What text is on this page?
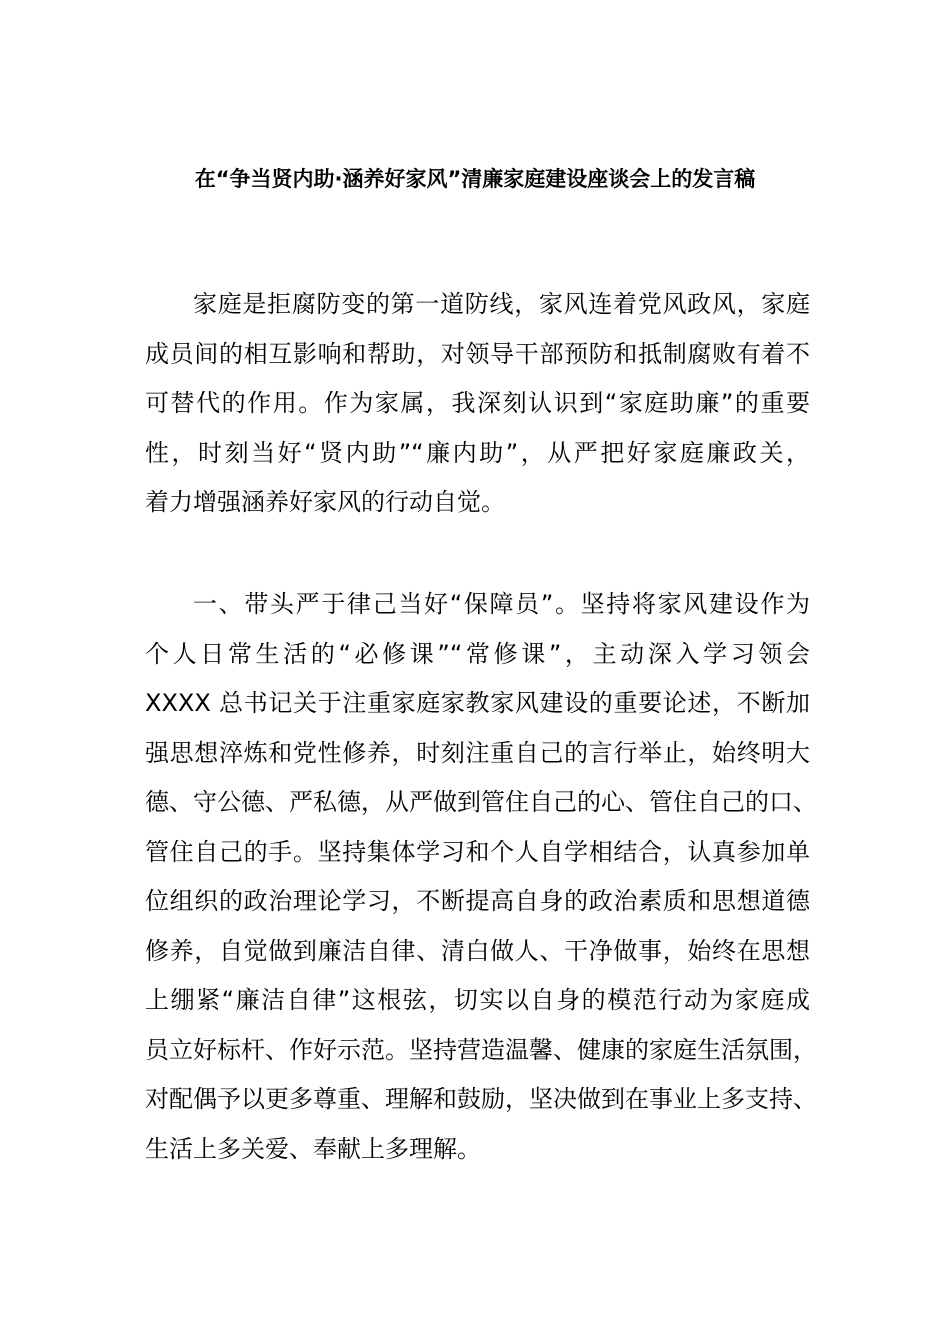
在“争当贤内助·涵养好家风”清廉家庭建设座谈会上的发言稿
家庭是拒腐防变的第一道防线，家风连着党风政风，家庭
成员间的相互影响和帮助，对领导干部预防和抵制腐败有着不
可替代的作用。作为家属，我深刻认识到“家庭助廉”的重要
性，时刻当好“贤内助”“廉内助”，从严把好家庭廉政关，
着力增强涵养好家风的行动自觉。
一、带头严于律己当好“保障员”。坚持将家风建设作为
个人日常生活的“必修课”“常修课”，主动深入学习领会
XXXX 总书记关于注重家庭家教家风建设的重要论述，不断加
强思想淬炼和党性修养，时刻注重自己的言行举止，始终明大
德、守公德、严私德，从严做到管住自己的心、管住自己的口、
管住自己的手。坚持集体学习和个人自学相结合，认真参加单
位组织的政治理论学习，不断提高自身的政治素质和思想道德
修养，自觉做到廉洁自律、清白做人、干净做事，始终在思想
上绷紧“廉洁自律”这根弦，切实以自身的模范行动为家庭成
员立好标杆、作好示范。坚持营造温馨、健康的家庭生活氛围，
对配偶予以更多尊重、理解和鼓励，坚决做到在事业上多支持、
生活上多关爱、奉献上多理解。
